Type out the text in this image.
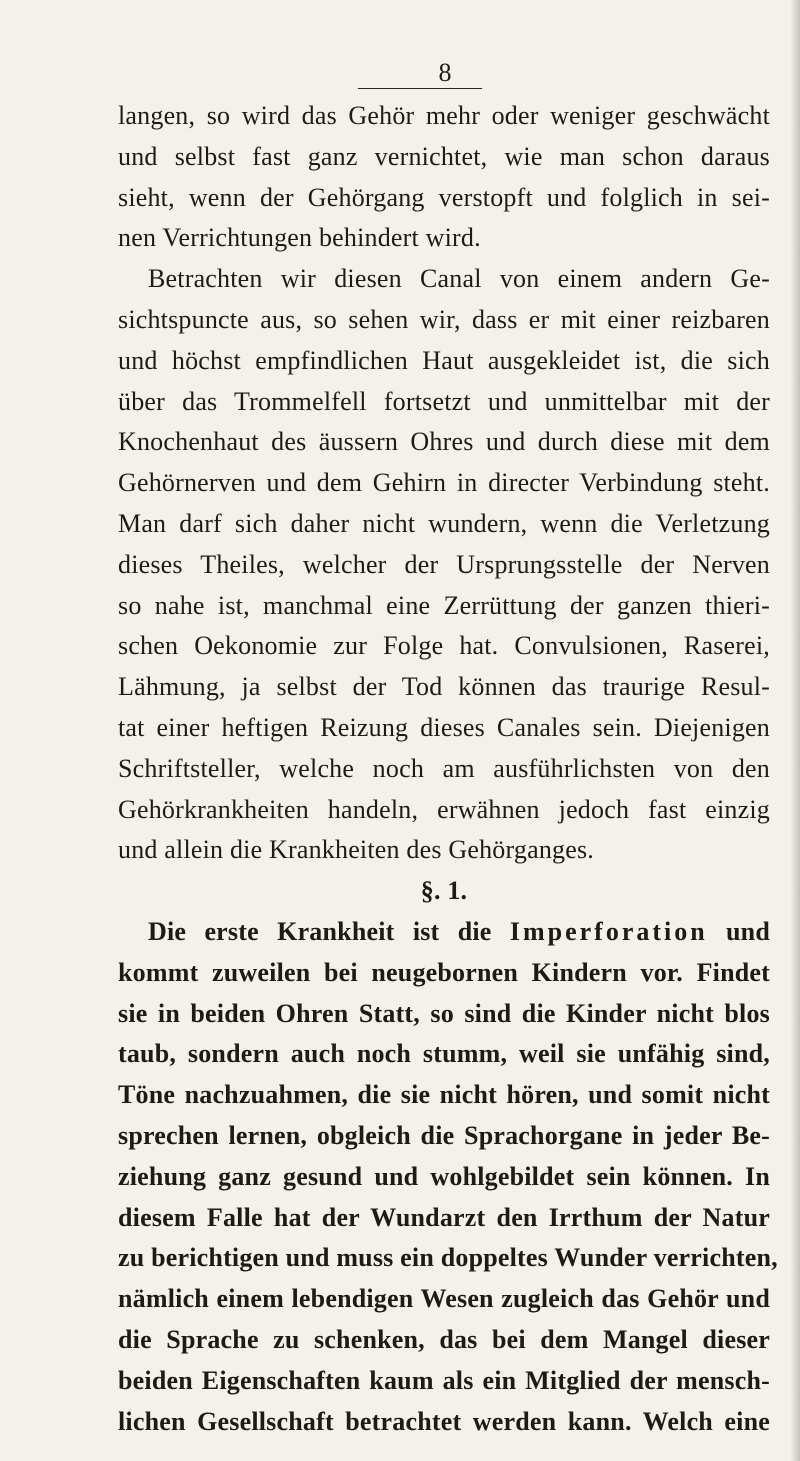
8
langen, so wird das Gehör mehr oder weniger geschwächt
und selbst fast ganz vernichtet, wie man schon daraus
sieht, wenn der Gehörgang verstopft und folglich in sei-
nen Verrichtungen behindert wird.
Betrachten wir diesen Canal von einem andern Ge-
sichtspuncte aus, so sehen wir, dass er mit einer reizbaren
und höchst empfindlichen Haut ausgekleidet ist, die sich
über das Trommelfell fortsetzt und unmittelbar mit der
Knochenhaut des äussern Ohres und durch diese mit dem
Gehörnerven und dem Gehirn in directer Verbindung steht.
Man darf sich daher nicht wundern, wenn die Verletzung
dieses Theiles, welcher der Ursprungsstelle der Nerven
so nahe ist, manchmal eine Zerrüttung der ganzen thieri-
schen Oekonomie zur Folge hat. Convulsionen, Raserei,
Lähmung, ja selbst der Tod können das traurige Resul-
tat einer heftigen Reizung dieses Canales sein. Diejenigen
Schriftsteller, welche noch am ausführlichsten von den
Gehörkrankheiten handeln, erwähnen jedoch fast einzig
und allein die Krankheiten des Gehörganges.
§. 1.
Die erste Krankheit ist die Imperforation und
kommt zuweilen bei neugebornen Kindern vor. Findet
sie in beiden Ohren Statt, so sind die Kinder nicht blos
taub, sondern auch noch stumm, weil sie unfähig sind,
Töne nachzuahmen, die sie nicht hören, und somit nicht
sprechen lernen, obgleich die Sprachorgane in jeder Be-
ziehung ganz gesund und wohlgebildet sein können. In
diesem Falle hat der Wundarzt den Irrthum der Natur
zu berichtigen und muss ein doppeltes Wunder verrichten,
nämlich einem lebendigen Wesen zugleich das Gehör und
die Sprache zu schenken, das bei dem Mangel dieser
beiden Eigenschaften kaum als ein Mitglied der mensch-
lichen Gesellschaft betrachtet werden kann. Welch eine
